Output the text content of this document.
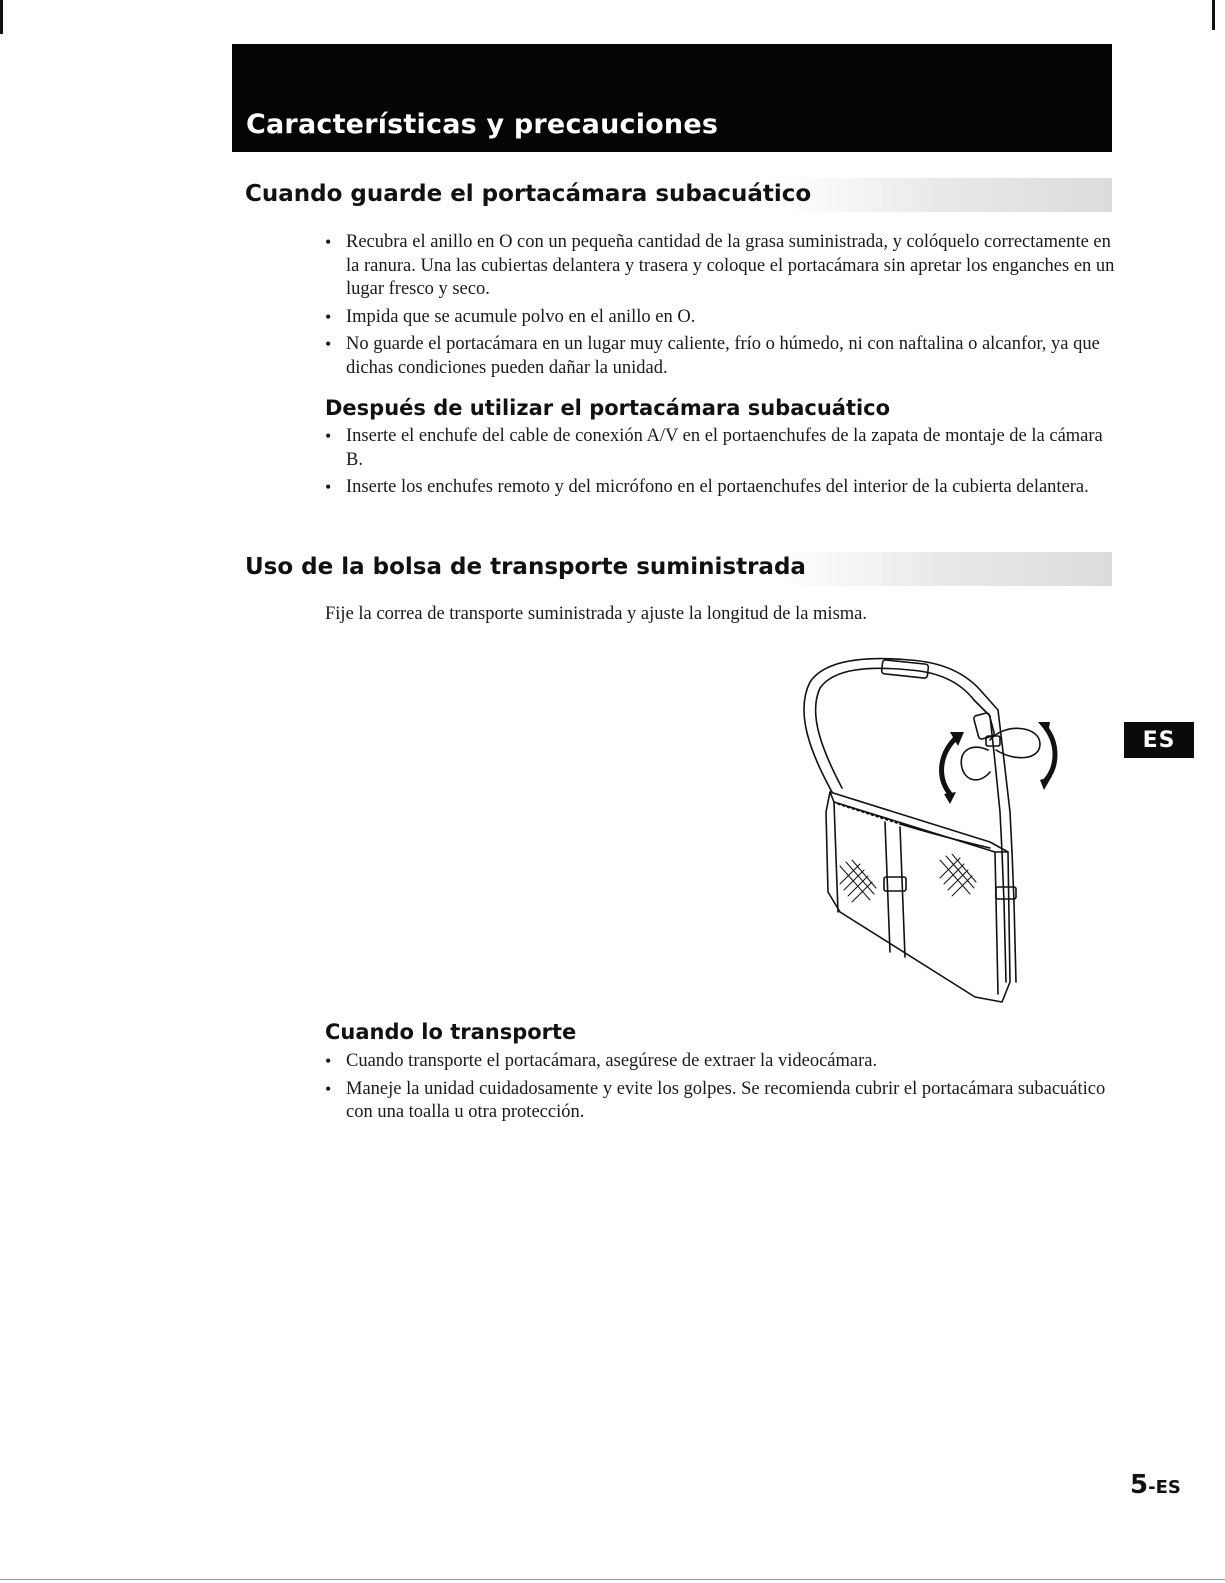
Características y precauciones
Cuando guarde el portacámara subacuático
• Recubra el anillo en O con un pequeña cantidad de la grasa suministrada, y colóquelo correctamente en la ranura. Una las cubiertas delantera y trasera y coloque el portacámara sin apretar los enganches en un lugar fresco y seco.
• Impida que se acumule polvo en el anillo en O.
• No guarde el portacámara en un lugar muy caliente, frío o húmedo, ni con naftalina o alcanfor, ya que dichas condiciones pueden dañar la unidad.
Después de utilizar el portacámara subacuático
• Inserte el enchufe del cable de conexión A/V en el portaenchufes de la zapata de montaje de la cámara B.
• Inserte los enchufes remoto y del micrófono en el portaenchufes del interior de la cubierta delantera.
Uso de la bolsa de transporte suministrada
Fije la correa de transporte suministrada y ajuste la longitud de la misma.
Cuando lo transporte
• Cuando transporte el portacámara, asegúrese de extraer la videocámara.
• Maneje la unidad cuidadosamente y evite los golpes. Se recomienda cubrir el portacámara subacuático con una toalla u otra protección.
ES
5-ES
